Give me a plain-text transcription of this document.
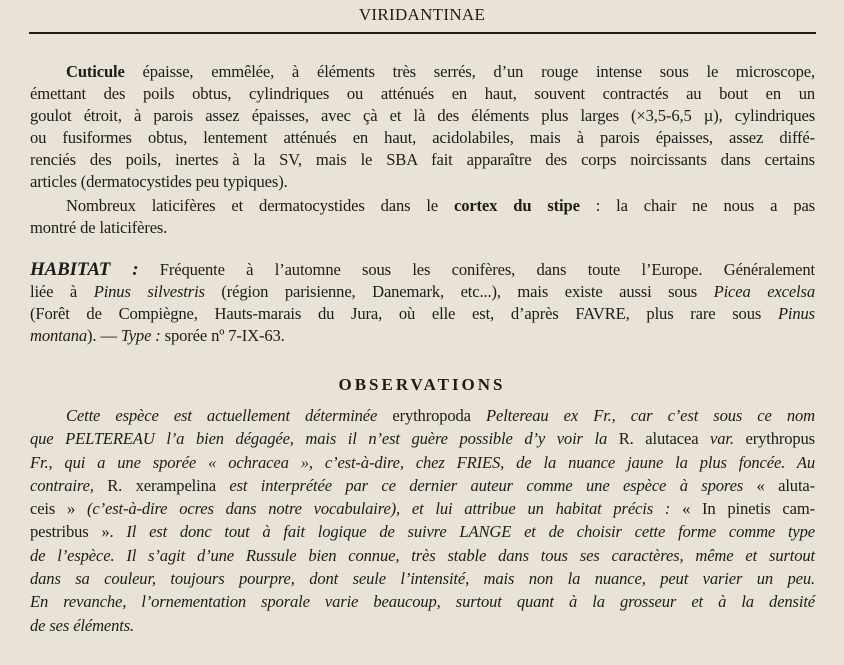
VIRIDANTINAE
Cuticule épaisse, emmêlée, à éléments très serrés, d’un rouge intense sous le microscope,
émettant des poils obtus, cylindriques ou atténués en haut, souvent contractés au bout en un
goulot étroit, à parois assez épaisses, avec çà et là des éléments plus larges (×3,5-6,5 µ), cylindriques
ou fusiformes obtus, lentement atténués en haut, acidolabiles, mais à parois épaisses, assez diffé-
renciés des poils, inertes à la SV, mais le SBA fait apparaître des corps noircissants dans certains
articles (dermatocystides peu typiques).
Nombreux laticifères et dermatocystides dans le cortex du stipe : la chair ne nous a pas
montré de laticifères.
HABITAT : Fréquente à l’automne sous les conifères, dans toute l’Europe. Généralement
liée à Pinus silvestris (région parisienne, Danemark, etc...), mais existe aussi sous Picea excelsa
(Forêt de Compiègne, Hauts-marais du Jura, où elle est, d’après FAVRE, plus rare sous Pinus
montana). — Type : sporée nº 7-IX-63.
OBSERVATIONS
Cette espèce est actuellement déterminée erythropoda Peltereau ex Fr., car c’est sous ce nom
que PELTEREAU l’a bien dégagée, mais il n’est guère possible d’y voir la R. alutacea var. erythropus
Fr., qui a une sporée « ochracea », c’est-à-dire, chez FRIES, de la nuance jaune la plus foncée. Au
contraire, R. xerampelina est interprétée par ce dernier auteur comme une espèce à spores « aluta-
ceis » (c’est-à-dire ocres dans notre vocabulaire), et lui attribue un habitat précis : « In pinetis cam-
pestribus ». Il est donc tout à fait logique de suivre LANGE et de choisir cette forme comme type
de l’espèce. Il s’agit d’une Russule bien connue, très stable dans tous ses caractères, même et surtout
dans sa couleur, toujours pourpre, dont seule l’intensité, mais non la nuance, peut varier un peu.
En revanche, l’ornementation sporale varie beaucoup, surtout quant à la grosseur et à la densité
de ses éléments.
